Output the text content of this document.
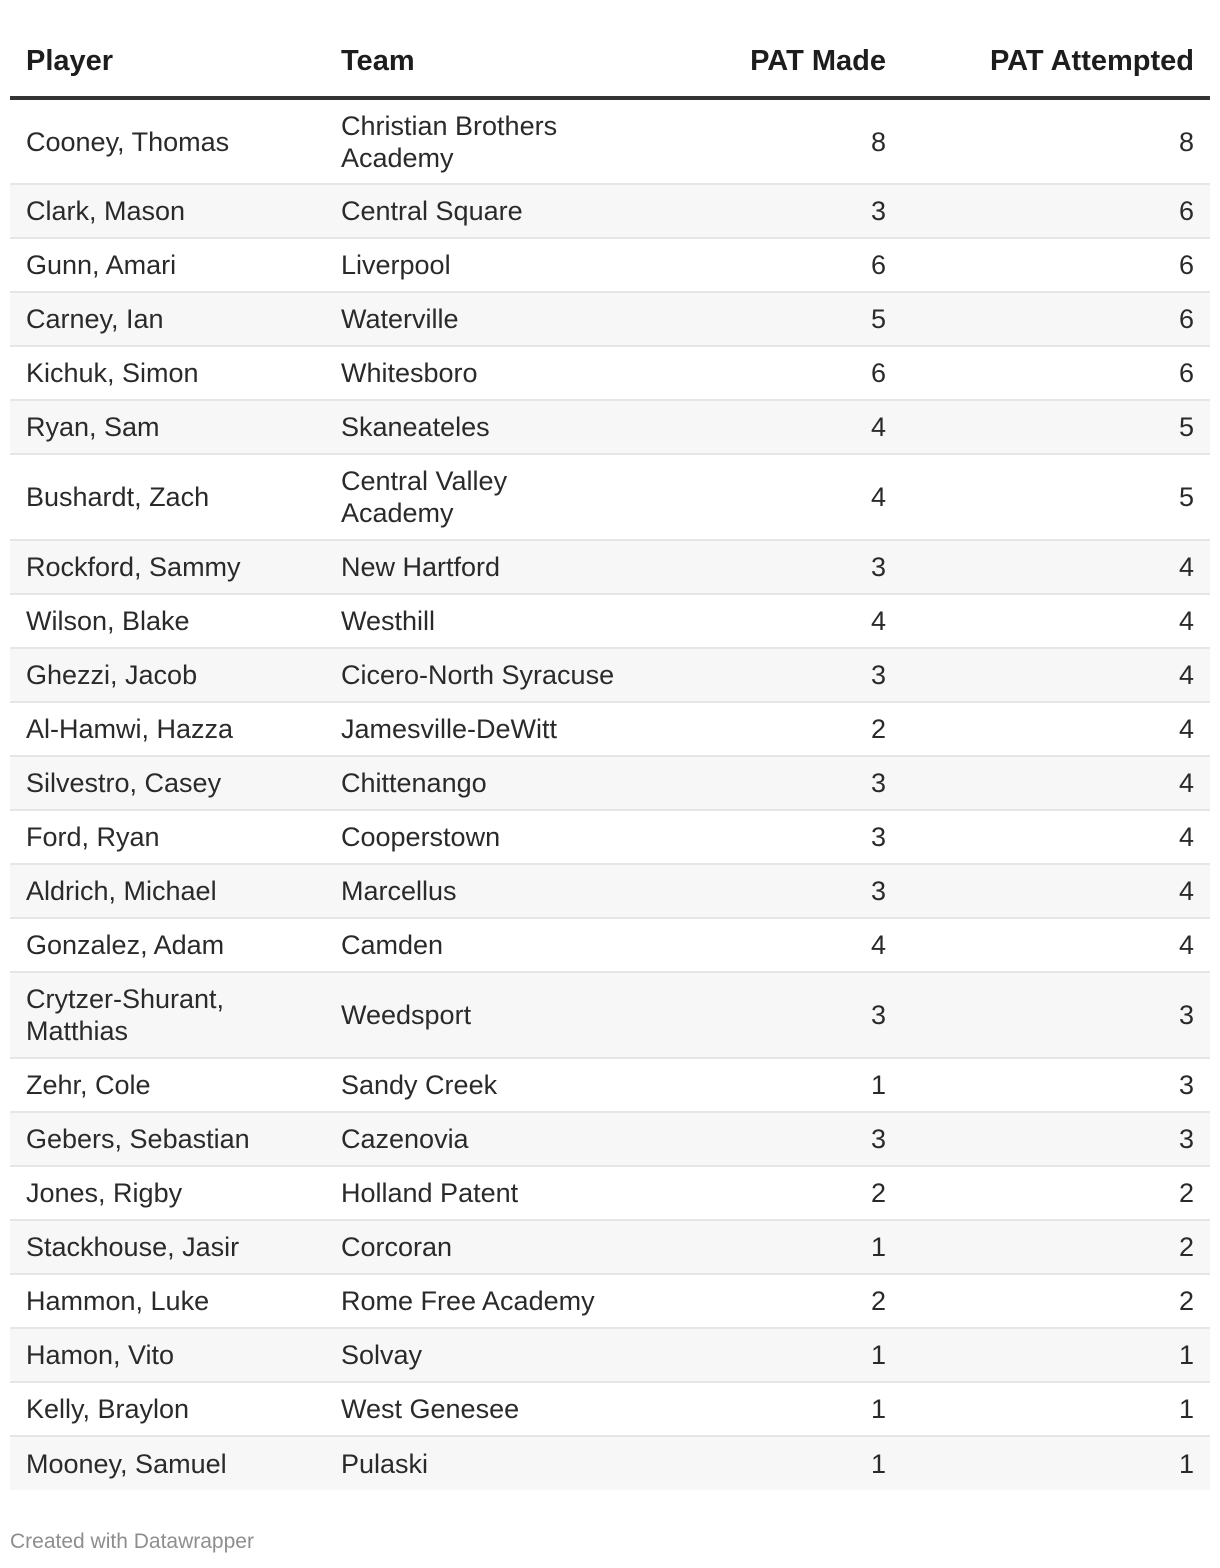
Player	Team	PAT Made	PAT Attempted
Cooney, Thomas	Christian Brothers Academy	8	8
Clark, Mason	Central Square	3	6
Gunn, Amari	Liverpool	6	6
Carney, Ian	Waterville	5	6
Kichuk, Simon	Whitesboro	6	6
Ryan, Sam	Skaneateles	4	5
Bushardt, Zach	Central Valley Academy	4	5
Rockford, Sammy	New Hartford	3	4
Wilson, Blake	Westhill	4	4
Ghezzi, Jacob	Cicero-North Syracuse	3	4
Al-Hamwi, Hazza	Jamesville-DeWitt	2	4
Silvestro, Casey	Chittenango	3	4
Ford, Ryan	Cooperstown	3	4
Aldrich, Michael	Marcellus	3	4
Gonzalez, Adam	Camden	4	4
Crytzer-Shurant, Matthias	Weedsport	3	3
Zehr, Cole	Sandy Creek	1	3
Gebers, Sebastian	Cazenovia	3	3
Jones, Rigby	Holland Patent	2	2
Stackhouse, Jasir	Corcoran	1	2
Hammon, Luke	Rome Free Academy	2	2
Hamon, Vito	Solvay	1	1
Kelly, Braylon	West Genesee	1	1
Mooney, Samuel	Pulaski	1	1
Created with Datawrapper
